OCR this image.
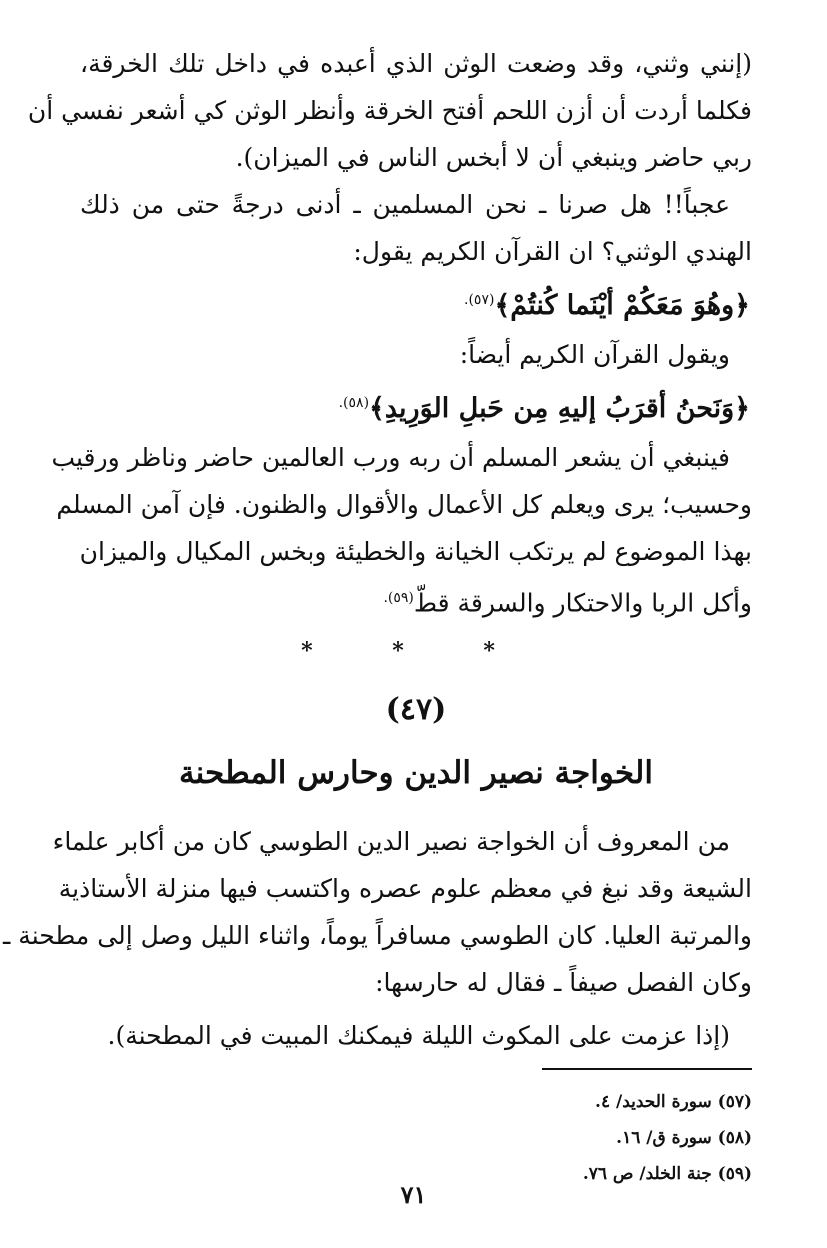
(إنني وثني، وقد وضعت الوثن الذي أعبده في داخل تلك الخرقة،
فكلما أردت أن أزن اللحم أفتح الخرقة وأنظر الوثن كي أشعر نفسي أن
ربي حاضر وينبغي أن لا أبخس الناس في الميزان).
عجباً!! هل صرنا ـ نحن المسلمين ـ أدنى درجةً حتى من ذلك
الهندي الوثني؟ ان القرآن الكريم يقول:
﴿وهُوَ مَعَكُمْ أيْنَما كُنتُمْ﴾$^{(٥٧).}$
ويقول القرآن الكريم أيضاً:
﴿وَنَحنُ أقرَبُ إليهِ مِن حَبلِ الوَرِيدِ﴾$^{(٥٨).}$
فينبغي أن يشعر المسلم أن ربه ورب العالمين حاضر وناظر ورقيب
وحسيب؛ يرى ويعلم كل الأعمال والأقوال والظنون. فإن آمن المسلم
بهذا الموضوع لم يرتكب الخيانة والخطيئة وبخس المكيال والميزان
وأكل الربا والاحتكار والسرقة قطّ$^{(٥٩).}$
* * *
(٤٧)
الخواجة نصير الدين وحارس المطحنة
من المعروف أن الخواجة نصير الدين الطوسي كان من أكابر علماء
الشيعة وقد نبغ في معظم علوم عصره واكتسب فيها منزلة الأستاذية
والمرتبة العليا. كان الطوسي مسافراً يوماً، واثناء الليل وصل إلى مطحنة ـ
وكان الفصل صيفاً ـ فقال له حارسها:
(إذا عزمت على المكوث الليلة فيمكنك المبيت في المطحنة).
(٥٧) سورة الحديد/ ٤.
(٥٨) سورة ق/ ١٦.
(٥٩) جنة الخلد/ ص ٧٦.
٧١
